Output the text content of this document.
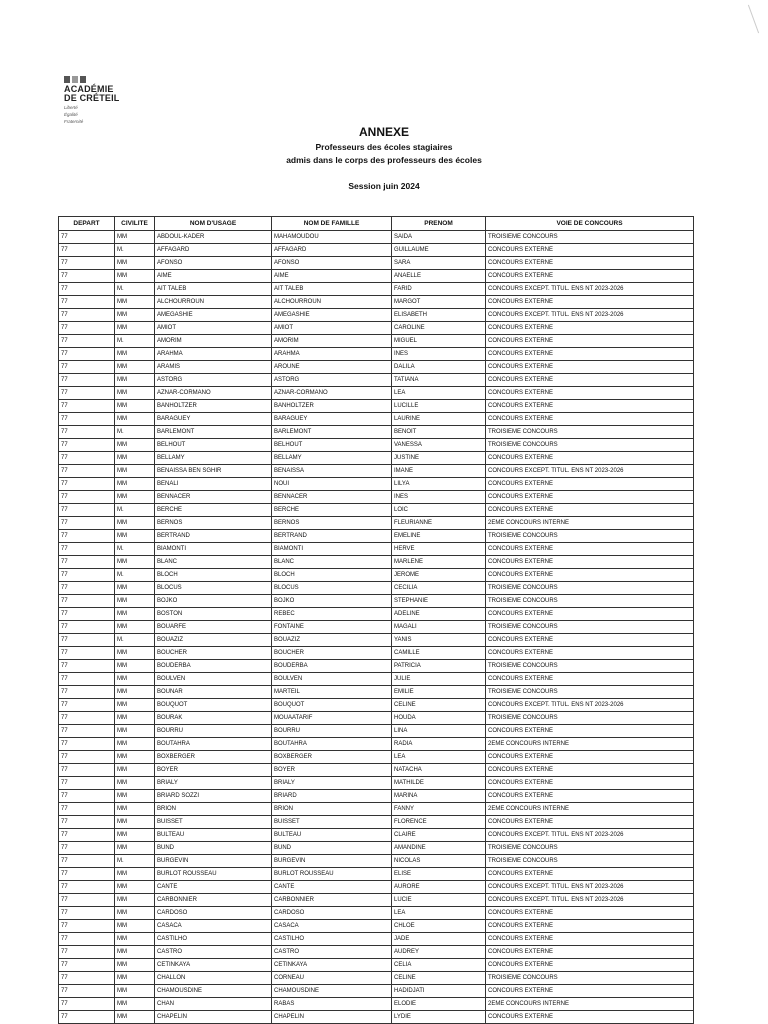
ACADÉMIE
DE CRÉTEIL
Liberté
Égalité
Fraternité
ANNEXE
Professeurs des écoles stagiaires
admis dans le corps des professeurs des écoles
Session juin 2024
DEPART	CIVILITE	NOM D'USAGE	NOM DE FAMILLE	PRENOM	VOIE DE CONCOURS
77	MM	ABDOUL-KADER	MAHAMOUDOU	SAIDA	TROISIEME CONCOURS
77	M.	AFFAGARD	AFFAGARD	GUILLAUME	CONCOURS EXTERNE
77	MM	AFONSO	AFONSO	SARA	CONCOURS EXTERNE
77	MM	AIME	AIME	ANAELLE	CONCOURS EXTERNE
77	M.	AIT TALEB	AIT TALEB	FARID	CONCOURS EXCEPT. TITUL. ENS NT 2023-2026
77	MM	ALCHOURROUN	ALCHOURROUN	MARGOT	CONCOURS EXTERNE
77	MM	AMEGASHIE	AMEGASHIE	ELISABETH	CONCOURS EXCEPT. TITUL. ENS NT 2023-2026
77	MM	AMIOT	AMIOT	CAROLINE	CONCOURS EXTERNE
77	M.	AMORIM	AMORIM	MIGUEL	CONCOURS EXTERNE
77	MM	ARAHMA	ARAHMA	INES	CONCOURS EXTERNE
77	MM	ARAMIS	AROUNE	DALILA	CONCOURS EXTERNE
77	MM	ASTORG	ASTORG	TATIANA	CONCOURS EXTERNE
77	MM	AZNAR-CORMANO	AZNAR-CORMANO	LEA	CONCOURS EXTERNE
77	MM	BANHOLTZER	BANHOLTZER	LUCILLE	CONCOURS EXTERNE
77	MM	BARAGUEY	BARAGUEY	LAURINE	CONCOURS EXTERNE
77	M.	BARLEMONT	BARLEMONT	BENOIT	TROISIEME CONCOURS
77	MM	BELHOUT	BELHOUT	VANESSA	TROISIEME CONCOURS
77	MM	BELLAMY	BELLAMY	JUSTINE	CONCOURS EXTERNE
77	MM	BENAISSA BEN SGHIR	BENAISSA	IMANE	CONCOURS EXCEPT. TITUL. ENS NT 2023-2026
77	MM	BENALI	NOUI	LILYA	CONCOURS EXTERNE
77	MM	BENNACER	BENNACER	INES	CONCOURS EXTERNE
77	M.	BERCHE	BERCHE	LOIC	CONCOURS EXTERNE
77	MM	BERNOS	BERNOS	FLEURIANNE	2EME CONCOURS INTERNE
77	MM	BERTRAND	BERTRAND	EMELINE	TROISIEME CONCOURS
77	M.	BIAMONTI	BIAMONTI	HERVE	CONCOURS EXTERNE
77	MM	BLANC	BLANC	MARLENE	CONCOURS EXTERNE
77	M.	BLOCH	BLOCH	JEROME	CONCOURS EXTERNE
77	MM	BLOCUS	BLOCUS	CECILIA	TROISIEME CONCOURS
77	MM	BOJKO	BOJKO	STEPHANIE	TROISIEME CONCOURS
77	MM	BOSTON	REBEC	ADELINE	CONCOURS EXTERNE
77	MM	BOUARFE	FONTAINE	MAGALI	TROISIEME CONCOURS
77	M.	BOUAZIZ	BOUAZIZ	YANIS	CONCOURS EXTERNE
77	MM	BOUCHER	BOUCHER	CAMILLE	CONCOURS EXTERNE
77	MM	BOUDERBA	BOUDERBA	PATRICIA	TROISIEME CONCOURS
77	MM	BOULVEN	BOULVEN	JULIE	CONCOURS EXTERNE
77	MM	BOUNAR	MARTEIL	EMILIE	TROISIEME CONCOURS
77	MM	BOUQUOT	BOUQUOT	CELINE	CONCOURS EXCEPT. TITUL. ENS NT 2023-2026
77	MM	BOURAK	MOUAATARIF	HOUDA	TROISIEME CONCOURS
77	MM	BOURRU	BOURRU	LINA	CONCOURS EXTERNE
77	MM	BOUTAHRA	BOUTAHRA	RADIA	2EME CONCOURS INTERNE
77	MM	BOXBERGER	BOXBERGER	LEA	CONCOURS EXTERNE
77	MM	BOYER	BOYER	NATACHA	CONCOURS EXTERNE
77	MM	BRIALY	BRIALY	MATHILDE	CONCOURS EXTERNE
77	MM	BRIARD SOZZI	BRIARD	MARINA	CONCOURS EXTERNE
77	MM	BRION	BRION	FANNY	2EME CONCOURS INTERNE
77	MM	BUISSET	BUISSET	FLORENCE	CONCOURS EXTERNE
77	MM	BULTEAU	BULTEAU	CLAIRE	CONCOURS EXCEPT. TITUL. ENS NT 2023-2026
77	MM	BUND	BUND	AMANDINE	TROISIEME CONCOURS
77	M.	BURGEVIN	BURGEVIN	NICOLAS	TROISIEME CONCOURS
77	MM	BURLOT ROUSSEAU	BURLOT ROUSSEAU	ELISE	CONCOURS EXTERNE
77	MM	CANTE	CANTE	AURORE	CONCOURS EXCEPT. TITUL. ENS NT 2023-2026
77	MM	CARBONNIER	CARBONNIER	LUCIE	CONCOURS EXCEPT. TITUL. ENS NT 2023-2026
77	MM	CARDOSO	CARDOSO	LEA	CONCOURS EXTERNE
77	MM	CASACA	CASACA	CHLOE	CONCOURS EXTERNE
77	MM	CASTILHO	CASTILHO	JADE	CONCOURS EXTERNE
77	MM	CASTRO	CASTRO	AUDREY	CONCOURS EXTERNE
77	MM	CETINKAYA	CETINKAYA	CELIA	CONCOURS EXTERNE
77	MM	CHALLON	CORNEAU	CELINE	TROISIEME CONCOURS
77	MM	CHAMOUSDINE	CHAMOUSDINE	HADIDJATI	CONCOURS EXTERNE
77	MM	CHAN	RABAS	ELODIE	2EME CONCOURS INTERNE
77	MM	CHAPELIN	CHAPELIN	LYDIE	CONCOURS EXTERNE
